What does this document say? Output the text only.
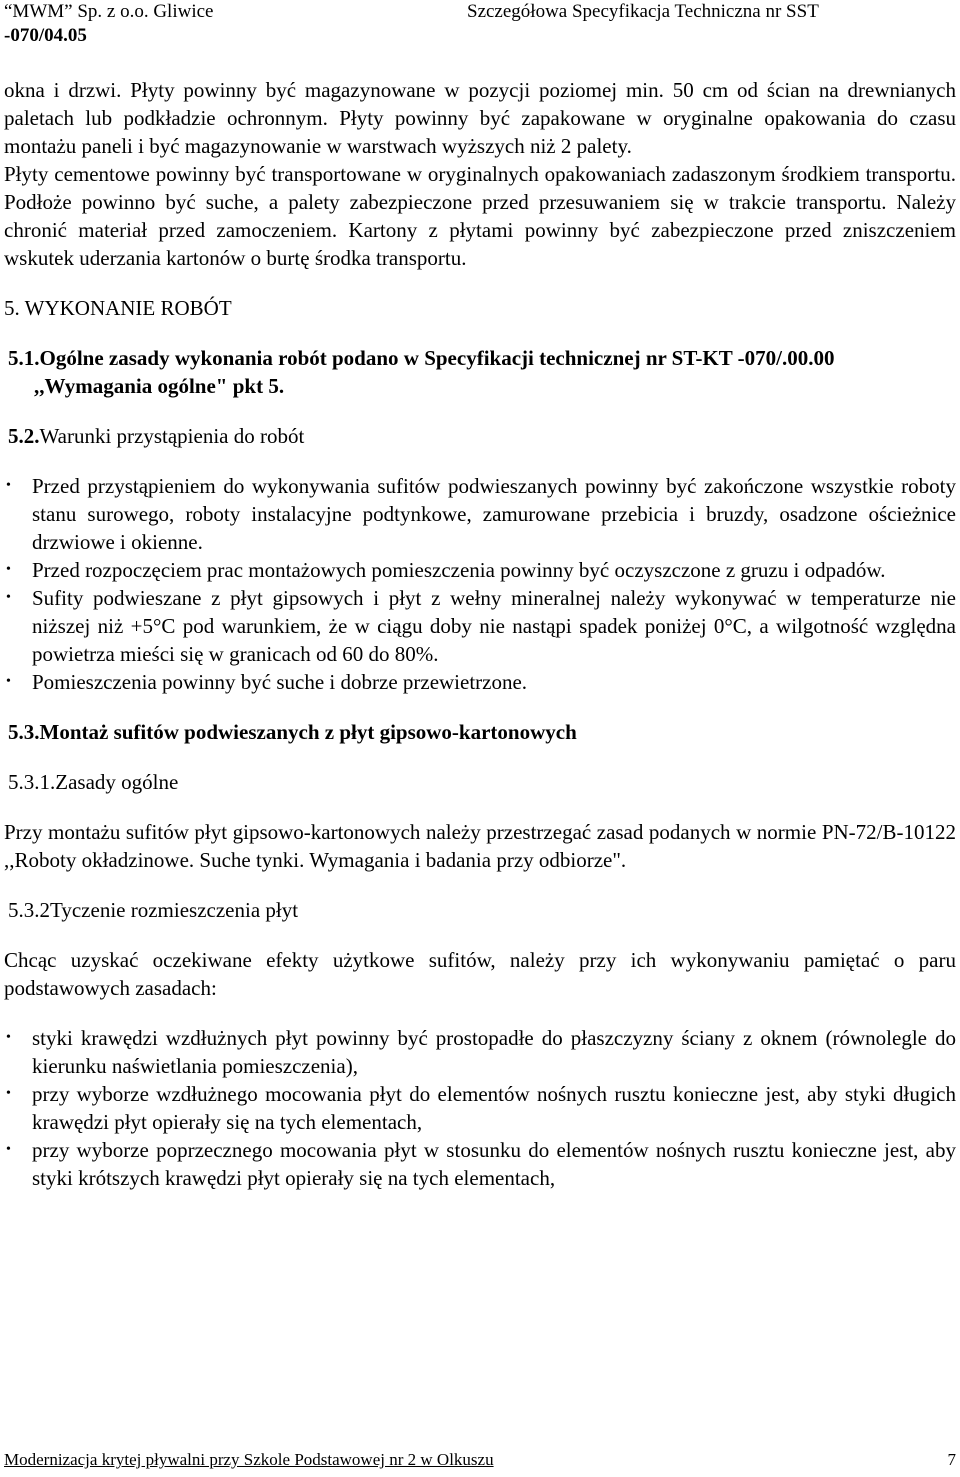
“MWM” Sp. z o.o. Gliwice	Szczegółowa Specyfikacja Techniczna nr SST
-070/04.05

okna i drzwi. Płyty powinny być magazynowane w pozycji poziomej min. 50 cm od ścian na drewnianych paletach lub podkładzie ochronnym. Płyty powinny być zapakowane w oryginalne opakowania do czasu montażu paneli i być magazynowanie w warstwach wyższych niż 2 palety.

Płyty cementowe powinny być transportowane w oryginalnych opakowaniach zadaszonym środkiem transportu. Podłoże powinno być suche, a palety zabezpieczone przed przesuwaniem się w trakcie transportu. Należy chronić materiał przed zamoczeniem. Kartony z płytami powinny być zabezpieczone przed zniszczeniem wskutek uderzania kartonów o burtę środka transportu.

5. WYKONANIE ROBÓT
5.1.Ogólne zasady wykonania robót podano w Specyfikacji technicznej nr ST-KT -070/.00.00 ,,Wymagania ogólne" pkt 5.

5.2.Warunki przystąpienia do robót

• Przed przystąpieniem do wykonywania sufitów podwieszanych powinny być zakończone wszystkie roboty stanu surowego, roboty instalacyjne podtynkowe, zamurowane przebicia i bruzdy, osadzone ościeżnice drzwiowe i okienne.
• Przed rozpoczęciem prac montażowych pomieszczenia powinny być oczyszczone z gruzu i odpadów.
• Sufity podwieszane z płyt gipsowych i płyt z wełny mineralnej należy wykonywać w temperaturze nie niższej niż +5°C pod warunkiem, że w ciągu doby nie nastąpi spadek poniżej 0°C, a wilgotność względna powietrza mieści się w granicach od 60 do 80%.
• Pomieszczenia powinny być suche i dobrze przewietrzone.
5.3.Montaż sufitów podwieszanych z płyt gipsowo-kartonowych

5.3.1.Zasady ogólne

Przy montażu sufitów płyt gipsowo-kartonowych należy przestrzegać zasad podanych w normie PN-72/B-10122 ,,Roboty okładzinowe. Suche tynki. Wymagania i badania przy odbiorze".

5.3.2Tyczenie rozmieszczenia płyt

Chcąc uzyskać oczekiwane efekty użytkowe sufitów, należy przy ich wykonywaniu pamiętać o paru podstawowych zasadach:

• styki krawędzi wzdłużnych płyt powinny być prostopadłe do płaszczyzny ściany z oknem (równolegle do kierunku naświetlania pomieszczenia),
• przy wyborze wzdłużnego mocowania płyt do elementów nośnych rusztu konieczne jest, aby styki długich krawędzi płyt opierały się na tych elementach,
• przy wyborze poprzecznego mocowania płyt w stosunku do elementów nośnych rusztu konieczne jest, aby styki krótszych krawędzi płyt opierały się na tych elementach,
Modernizacja krytej pływalni przy Szkole Podstawowej nr 2 w Olkuszu	7
